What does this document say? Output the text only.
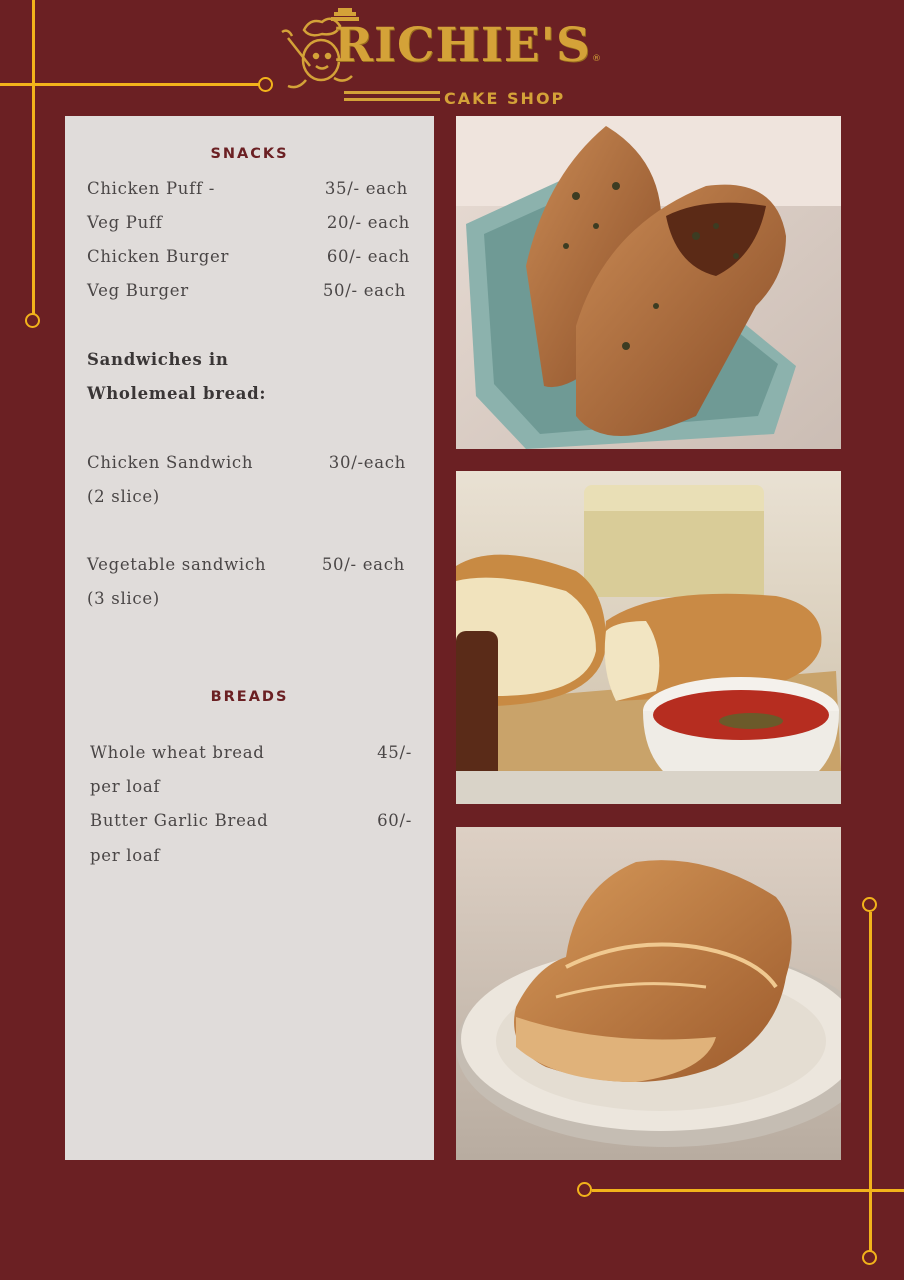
RICHIE'S ®
CAKE SHOP
SNACKS
Chicken Puff -	35/- each
Veg Puff	20/- each
Chicken Burger	60/- each
Veg Burger	50/- each
Sandwiches in
Wholemeal bread:
Chicken Sandwich	30/-each
(2 slice)
Vegetable sandwich	50/- each
(3 slice)
BREADS
Whole wheat bread	45/-
per loaf
Butter Garlic Bread	60/-
per loaf
